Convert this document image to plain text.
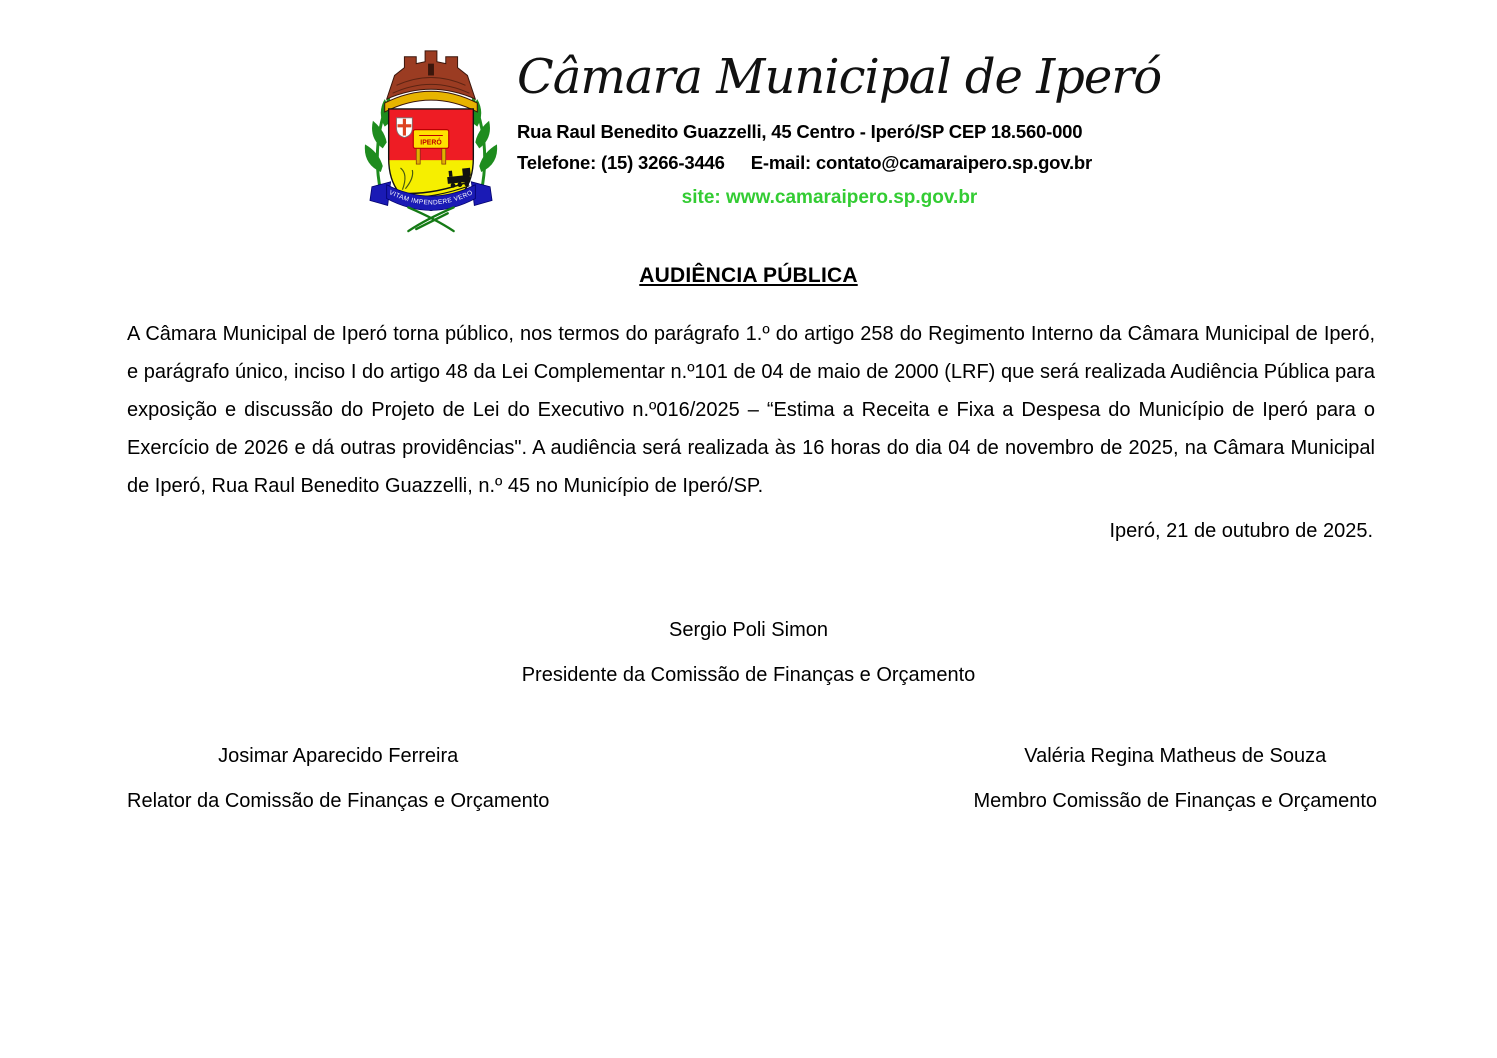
IPERÓ
VITAM IMPENDERE VERO
Câmara Municipal de Iperó
Rua Raul Benedito Guazzelli, 45 Centro - Iperó/SP CEP 18.560-000
Telefone: (15) 3266-3446 E-mail: contato@camaraipero.sp.gov.br
site: www.camaraipero.sp.gov.br
AUDIÊNCIA PÚBLICA

A Câmara Municipal de Iperó torna público, nos termos do parágrafo 1.º do artigo 258 do Regimento Interno da Câmara Municipal de Iperó, e parágrafo único, inciso I do artigo 48 da Lei Complementar n.º101 de 04 de maio de 2000 (LRF) que será realizada Audiência Pública para exposição e discussão do Projeto de Lei do Executivo n.º016/2025 – “Estima a Receita e Fixa a Despesa do Município de Iperó para o Exercício de 2026 e dá outras providências". A audiência será realizada às 16 horas do dia 04 de novembro de 2025, na Câmara Municipal de Iperó, Rua Raul Benedito Guazzelli, n.º 45 no Município de Iperó/SP.

Iperó, 21 de outubro de 2025.
Sergio Poli Simon
Presidente da Comissão de Finanças e Orçamento
Josimar Aparecido Ferreira
Relator da Comissão de Finanças e Orçamento
Valéria Regina Matheus de Souza
Membro Comissão de Finanças e Orçamento
